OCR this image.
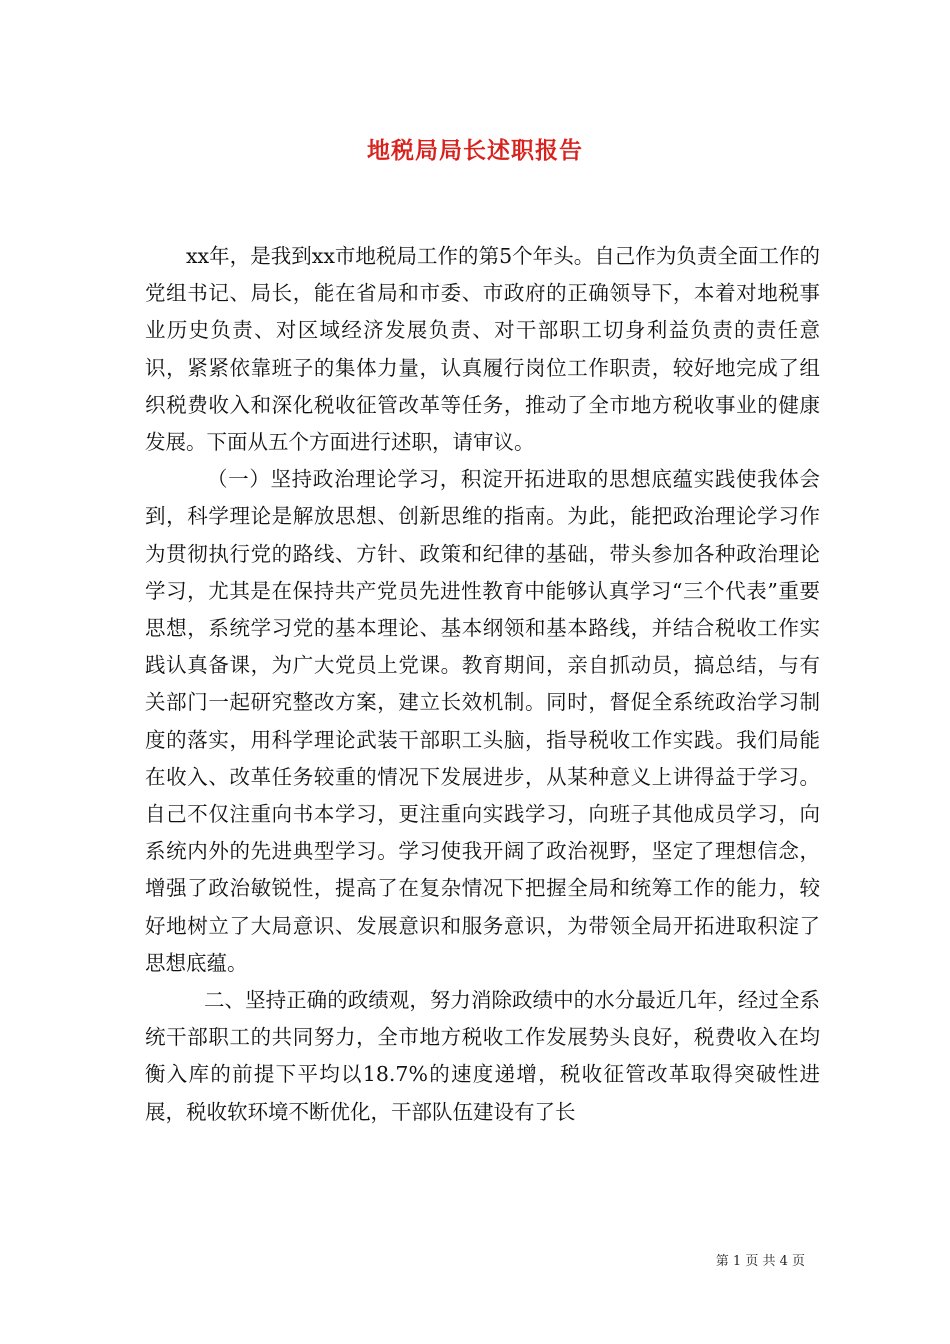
地税局局长述职报告

xx年，是我到xx市地税局工作的第5个年头。自己作为负责全面工作的党组书记、局长，能在省局和市委、市政府的正确领导下，本着对地税事业历史负责、对区域经济发展负责、对干部职工切身利益负责的责任意识，紧紧依靠班子的集体力量，认真履行岗位工作职责，较好地完成了组织税费收入和深化税收征管改革等任务，推动了全市地方税收事业的健康发展。下面从五个方面进行述职，请审议。

（一）坚持政治理论学习，积淀开拓进取的思想底蕴实践使我体会到，科学理论是解放思想、创新思维的指南。为此，能把政治理论学习作为贯彻执行党的路线、方针、政策和纪律的基础，带头参加各种政治理论学习，尤其是在保持共产党员先进性教育中能够认真学习“三个代表”重要思想，系统学习党的基本理论、基本纲领和基本路线，并结合税收工作实践认真备课，为广大党员上党课。教育期间，亲自抓动员，搞总结，与有关部门一起研究整改方案，建立长效机制。同时，督促全系统政治学习制度的落实，用科学理论武装干部职工头脑，指导税收工作实践。我们局能在收入、改革任务较重的情况下发展进步，从某种意义上讲得益于学习。自己不仅注重向书本学习，更注重向实践学习，向班子其他成员学习，向系统内外的先进典型学习。学习使我开阔了政治视野，坚定了理想信念，增强了政治敏锐性，提高了在复杂情况下把握全局和统筹工作的能力，较好地树立了大局意识、发展意识和服务意识，为带领全局开拓进取积淀了思想底蕴。

二、坚持正确的政绩观，努力消除政绩中的水分最近几年，经过全系统干部职工的共同努力，全市地方税收工作发展势头良好，税费收入在均衡入库的前提下平均以18.7%的速度递增，税收征管改革取得突破性进展，税收软环境不断优化，干部队伍建设有了长

第 1 页 共 4 页
